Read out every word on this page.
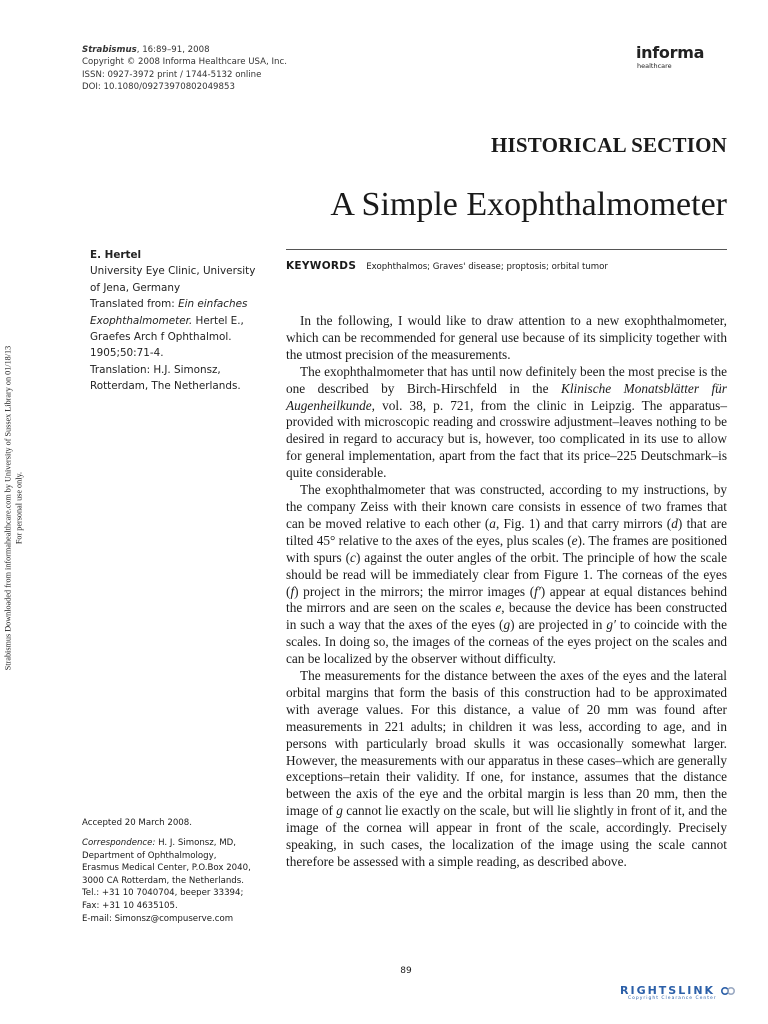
Strabismus, 16:89–91, 2008
Copyright © 2008 Informa Healthcare USA, Inc.
ISSN: 0927-3972 print / 1744-5132 online
DOI: 10.1080/09273970802049853
informa
healthcare
HISTORICAL SECTION
A Simple Exophthalmometer
KEYWORDS Exophthalmos; Graves' disease; proptosis; orbital tumor
E. Hertel
University Eye Clinic, University of Jena, Germany
Translated from: Ein einfaches Exophthalmometer. Hertel E., Graefes Arch f Ophthalmol. 1905;50:71-4.
Translation: H.J. Simonsz, Rotterdam, The Netherlands.
Strabismus Downloaded from informahealthcare.com by University of Sussex Library on 01/18/13 For personal use only.

In the following, I would like to draw attention to a new exophthalmometer, which can be recommended for general use because of its simplicity together with the utmost precision of the measurements.

The exophthalmometer that has until now definitely been the most precise is the one described by Birch-Hirschfeld in the Klinische Monatsblätter für Augenheilkunde, vol. 38, p. 721, from the clinic in Leipzig. The apparatus–provided with microscopic reading and crosswire adjustment–leaves nothing to be desired in regard to accuracy but is, however, too complicated in its use to allow for general implementation, apart from the fact that its price–225 Deutschmark–is quite considerable.

The exophthalmometer that was constructed, according to my instructions, by the company Zeiss with their known care consists in essence of two frames that can be moved relative to each other (a, Fig. 1) and that carry mirrors (d) that are tilted 45° relative to the axes of the eyes, plus scales (e). The frames are positioned with spurs (c) against the outer angles of the orbit. The principle of how the scale should be read will be immediately clear from Figure 1. The corneas of the eyes (f) project in the mirrors; the mirror images (f′) appear at equal distances behind the mirrors and are seen on the scales e, because the device has been constructed in such a way that the axes of the eyes (g) are projected in g′ to coincide with the scales. In doing so, the images of the corneas of the eyes project on the scales and can be localized by the observer without difficulty.

The measurements for the distance between the axes of the eyes and the lateral orbital margins that form the basis of this construction had to be approximated with average values. For this distance, a value of 20 mm was found after measurements in 221 adults; in children it was less, according to age, and in persons with particularly broad skulls it was occasionally somewhat larger. However, the measurements with our apparatus in these cases–which are generally exceptions–retain their validity. If one, for instance, assumes that the distance between the axis of the eye and the orbital margin is less than 20 mm, then the image of g cannot lie exactly on the scale, but will lie slightly in front of it, and the image of the cornea will appear in front of the scale, accordingly. Precisely speaking, in such cases, the localization of the image using the scale cannot therefore be assessed with a simple reading, as described above.

Accepted 20 March 2008.
Correspondence: H. J. Simonsz, MD,
Department of Ophthalmology,
Erasmus Medical Center, P.O.Box 2040,
3000 CA Rotterdam, the Netherlands.
Tel.: +31 10 7040704, beeper 33394;
Fax: +31 10 4635105.
E-mail: Simonsz@compuserve.com
89
RIGHTSLINK
Copyright Clearance Center
